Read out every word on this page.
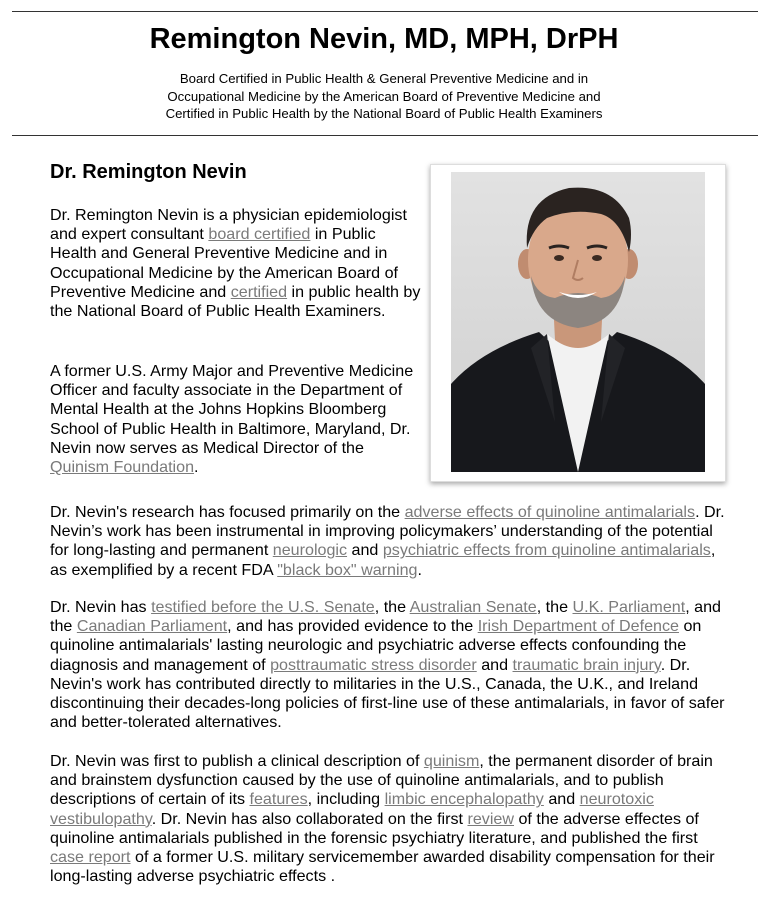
Remington Nevin, MD, MPH, DrPH
Board Certified in Public Health & General Preventive Medicine and in
Occupational Medicine by the American Board of Preventive Medicine and
Certified in Public Health by the National Board of Public Health Examiners
Dr. Remington Nevin

Dr. Remington Nevin is a physician epidemiologist and expert consultant board certified in Public Health and General Preventive Medicine and in Occupational Medicine by the American Board of Preventive Medicine and certified in public health by the National Board of Public Health Examiners.

A former U.S. Army Major and Preventive Medicine Officer and faculty associate in the Department of Mental Health at the Johns Hopkins Bloomberg School of Public Health in Baltimore, Maryland, Dr. Nevin now serves as Medical Director of the Quinism Foundation.

Dr. Nevin's research has focused primarily on the adverse effects of quinoline antimalarials. Dr. Nevin’s work has been instrumental in improving policymakers’ understanding of the potential for long-lasting and permanent neurologic and psychiatric effects from quinoline antimalarials, as exemplified by a recent FDA "black box" warning.

Dr. Nevin has testified before the U.S. Senate, the Australian Senate, the U.K. Parliament, and the Canadian Parliament, and has provided evidence to the Irish Department of Defence on quinoline antimalarials' lasting neurologic and psychiatric adverse effects confounding the diagnosis and management of posttraumatic stress disorder and traumatic brain injury. Dr. Nevin's work has contributed directly to militaries in the U.S., Canada, the U.K., and Ireland discontinuing their decades-long policies of first-line use of these antimalarials, in favor of safer and better-tolerated alternatives.

Dr. Nevin was first to publish a clinical description of quinism, the permanent disorder of brain and brainstem dysfunction caused by the use of quinoline antimalarials, and to publish descriptions of certain of its features, including limbic encephalopathy and neurotoxic vestibulopathy. Dr. Nevin has also collaborated on the first review of the adverse effectes of quinoline antimalarials published in the forensic psychiatry literature, and published the first case report of a former U.S. military servicemember awarded disability compensation for their long-lasting adverse psychiatric effects .
